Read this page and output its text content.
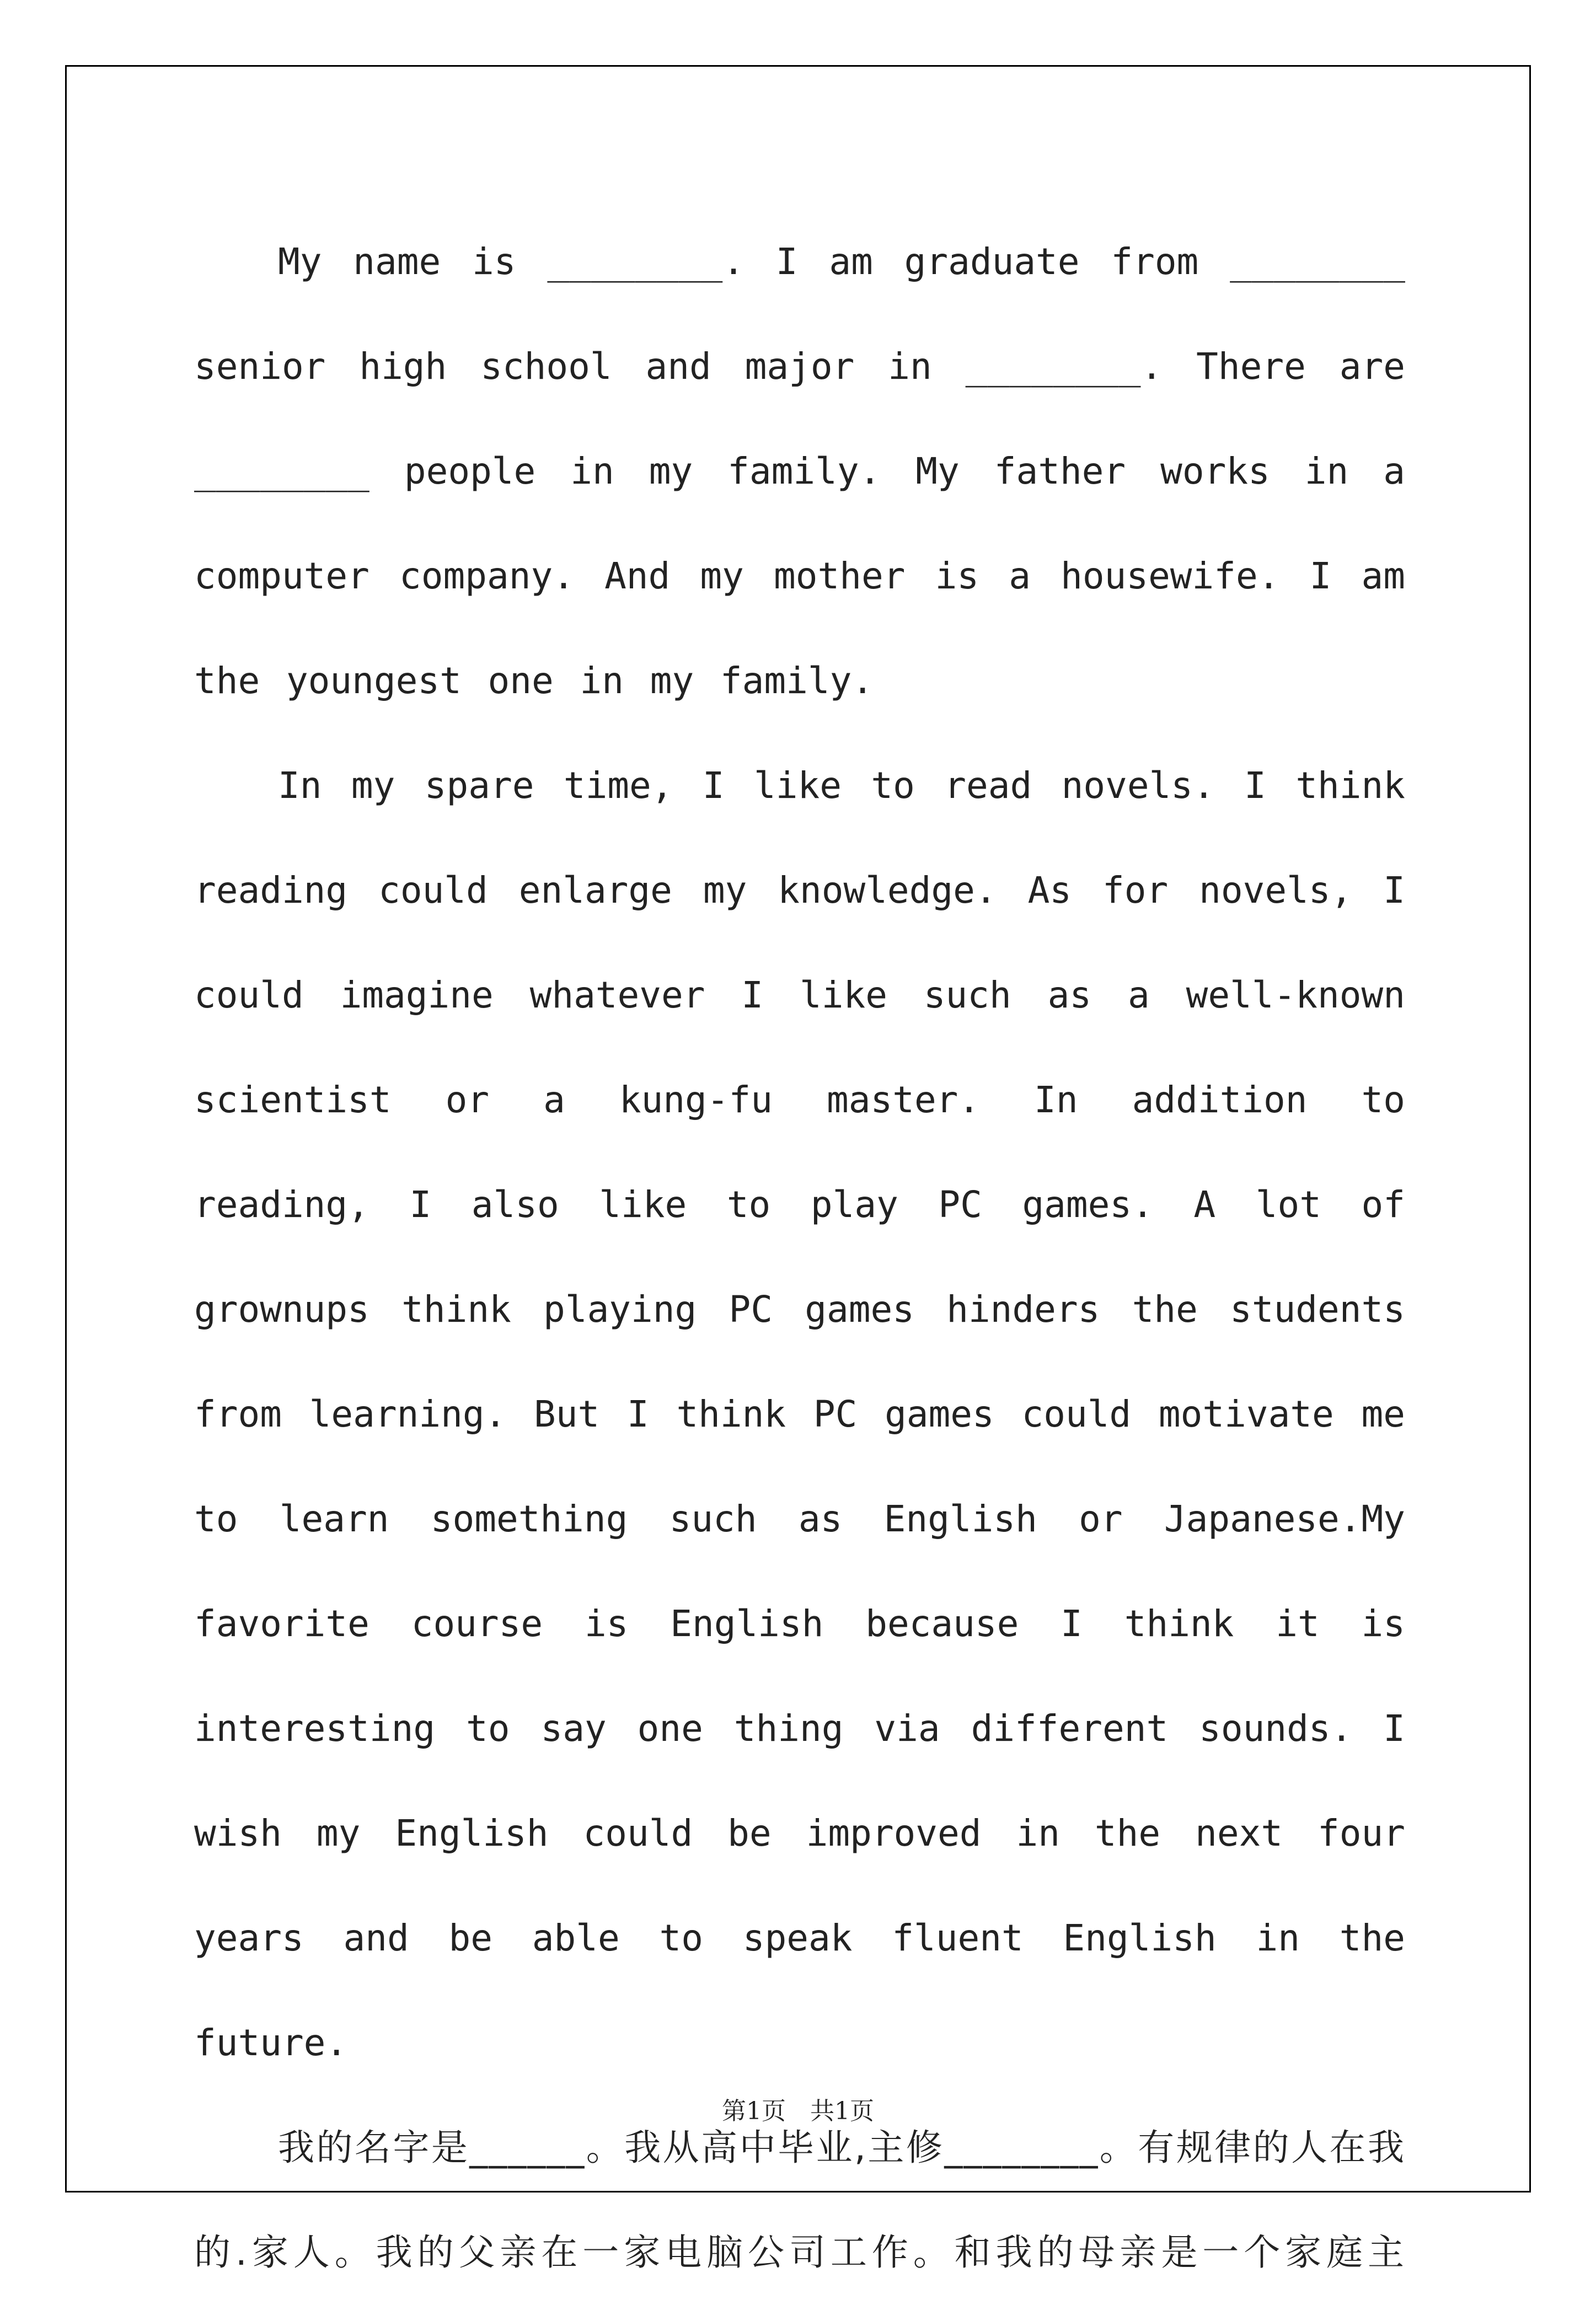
My name is ________. I am graduate from ________ senior high school and major in ________. There are ________ people in my family. My father works in a computer company. And my mother is a housewife. I am the youngest one in my family.

In my spare time, I like to read novels. I think reading could enlarge my knowledge. As for novels, I could imagine whatever I like such as a well-known scientist or a kung-fu master. In addition to reading, I also like to play PC games. A lot of grownups think playing PC games hinders the students from learning. But I think PC games could motivate me to learn something such as English or Japanese.My favorite course is English because I think it is interesting to say one thing via different sounds. I wish my English could be improved in the next four years and be able to speak fluent English in the future.

我的名字是______。我从高中毕业,主修________。有规律的人在我的.家人。我的父亲在一家电脑公司工作。和我的母亲是一个家庭主

第1页　共1页
